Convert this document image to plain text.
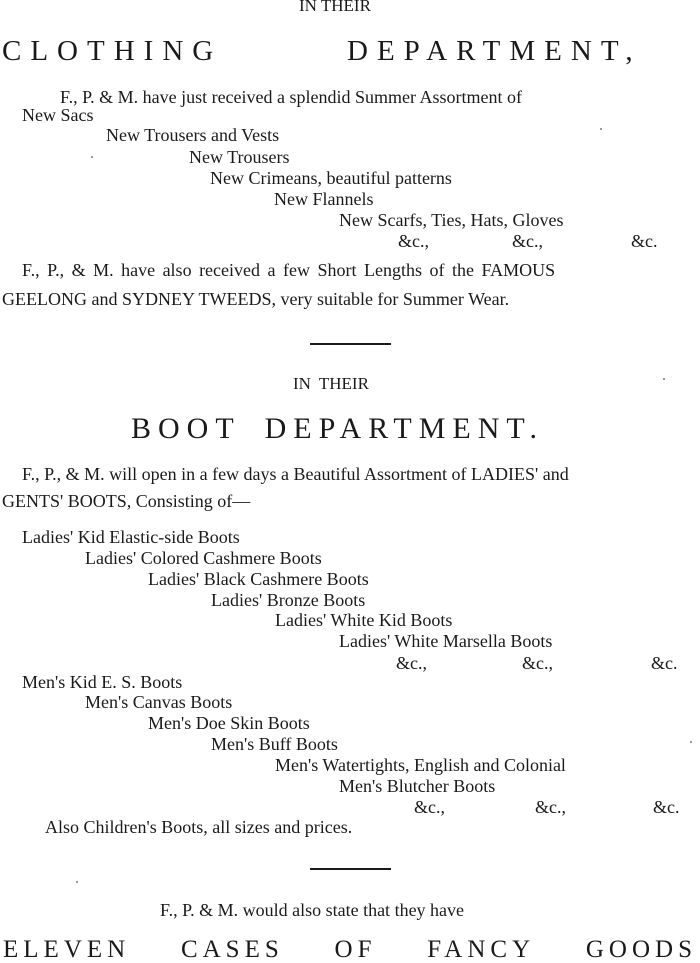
IN THEIR
CLOTHING	DEPARTMENT,
F., P. & M. have just received a splendid Summer Assortment of
New Sacs
New Trousers and Vests
New Trousers
New Crimeans, beautiful patterns
New Flannels
New Scarfs, Ties, Hats, Gloves
&c.,	&c.,	&c.
F., P., & M. have also received a few Short Lengths of the FAMOUS
GEELONG and SYDNEY TWEEDS, very suitable for Summer Wear.
IN THEIR
BOOT DEPARTMENT.
F., P., & M. will open in a few days a Beautiful Assortment of LADIES' and
GENTS' BOOTS, Consisting of—
Ladies' Kid Elastic-side Boots
Ladies' Colored Cashmere Boots
Ladies' Black Cashmere Boots
Ladies' Bronze Boots
Ladies' White Kid Boots
Ladies' White Marsella Boots
&c.,	&c.,	&c.
Men's Kid E. S. Boots
Men's Canvas Boots
Men's Doe Skin Boots
Men's Buff Boots
Men's Watertights, English and Colonial
Men's Blutcher Boots
&c.,	&c.,	&c.
Also Children's Boots, all sizes and prices.
F., P. & M. would also state that they have
ELEVEN CASES OF FANCY GOODS
